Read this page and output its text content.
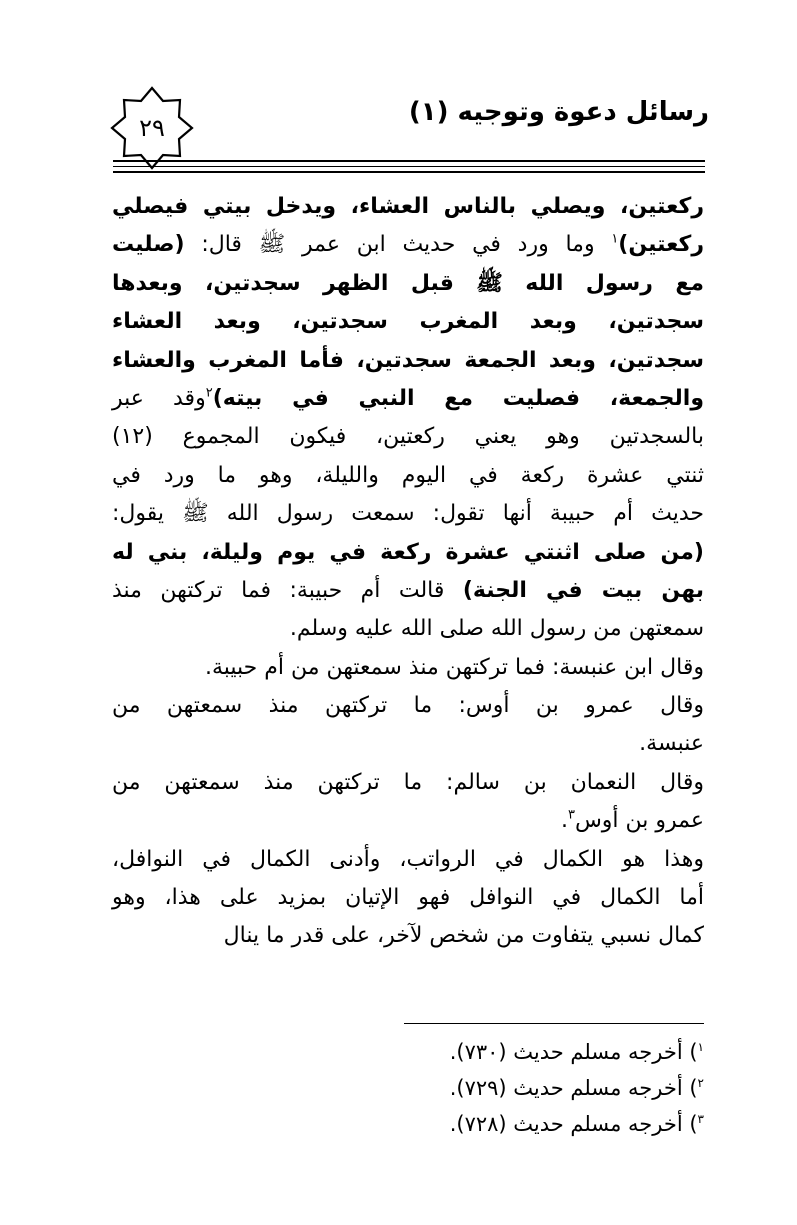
رسائل دعوة وتوجيه (١)
٢٩
ركعتين، ويصلي بالناس العشاء، ويدخل بيتي فيصلي
ركعتين)$^١$ وما ورد في حديث ابن عمر ﷺ قال: (صليت
مع رسول الله ﷺ قبل الظهر سجدتين، وبعدها
سجدتين، وبعد المغرب سجدتين، وبعد العشاء
سجدتين، وبعد الجمعة سجدتين، فأما المغرب والعشاء
والجمعة، فصليت مع النبي في بيته)$^٢$وقد عبر
بالسجدتين وهو يعني ركعتين، فيكون المجموع (١٢)
ثنتي عشرة ركعة في اليوم والليلة، وهو ما ورد في
حديث أم حبيبة أنها تقول: سمعت رسول الله ﷺ يقول:
(من صلى اثنتي عشرة ركعة في يوم وليلة، بني له
بهن بيت في الجنة) قالت أم حبيبة: فما تركتهن منذ
سمعتهن من رسول الله صلى الله عليه وسلم.
وقال ابن عنبسة: فما تركتهن منذ سمعتهن من أم حبيبة.
وقال عمرو بن أوس: ما تركتهن منذ سمعتهن من
عنبسة.
وقال النعمان بن سالم: ما تركتهن منذ سمعتهن من
عمرو بن أوس$^٣$.
وهذا هو الكمال في الرواتب، وأدنى الكمال في النوافل،
أما الكمال في النوافل فهو الإتيان بمزيد على هذا، وهو
كمال نسبي يتفاوت من شخص لآخر، على قدر ما ينال
$^١$) أخرجه مسلم حديث (٧٣٠).
$^٢$) أخرجه مسلم حديث (٧٢٩).
$^٣$) أخرجه مسلم حديث (٧٢٨).
